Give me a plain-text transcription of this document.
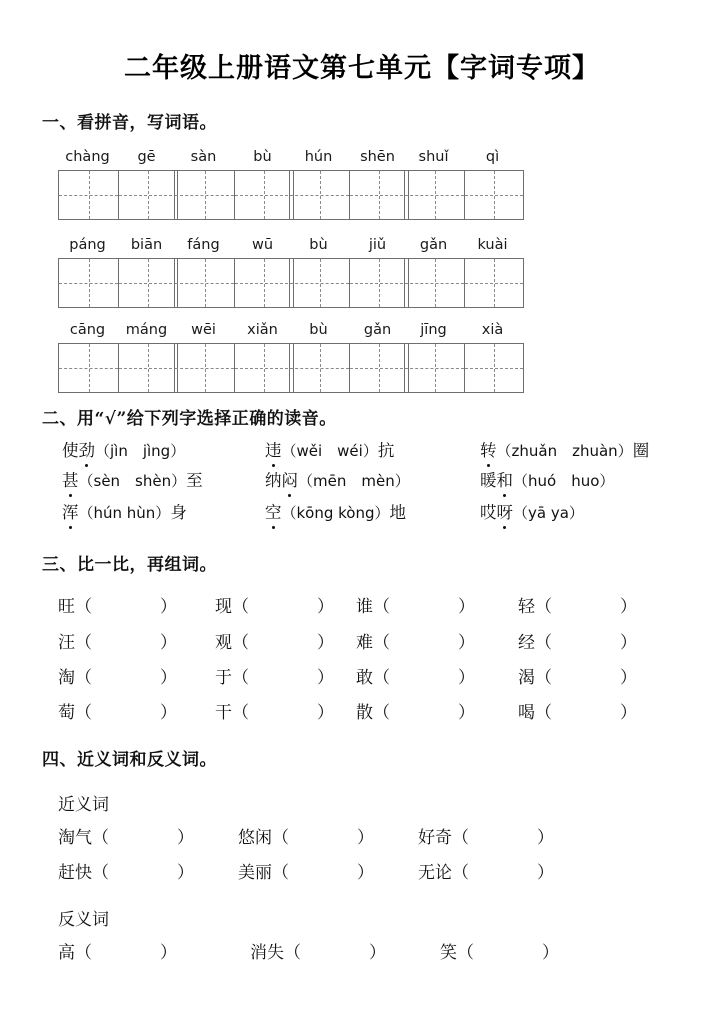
二年级上册语文第七单元【字词专项】
一、看拼音，写词语。
chàng	gē	sàn	bù	hún	shēn	shuǐ	qì
páng	biān	fáng	wū	bù	jiǔ	gǎn	kuài
cāng	máng	wēi	xiǎn	bù	gǎn	jīng	xià
二、用“√”给下列字选择正确的读音。
使劲（jìn　jìng）	违（wěi　wéi）抗	转（zhuǎn　zhuàn）圈
甚（sèn　shèn）至	纳闷（mēn　mèn）	暖和（huó　huo）
浑（hún hùn）身	空（kōng kòng）地	哎呀（yā ya）
三、比一比，再组词。
旺（　　　　） 现（　　　　） 谁（　　　　）	轻（　　　　）
汪（　　　　） 观（　　　　） 难（　　　　）	经（　　　　）
淘（　　　　） 于（　　　　） 敢（　　　　）	渴（　　　　）
萄（　　　　） 干（　　　　） 散（　　　　）	喝（　　　　）
四、近义词和反义词。
近义词
淘气（　　　　）	悠闲（　　　　）	好奇（　　　　）
赶快（　　　　）	美丽（　　　　）	无论（　　　　）
反义词
高（　　　　）	消失（　　　　）	笑（　　　　）
